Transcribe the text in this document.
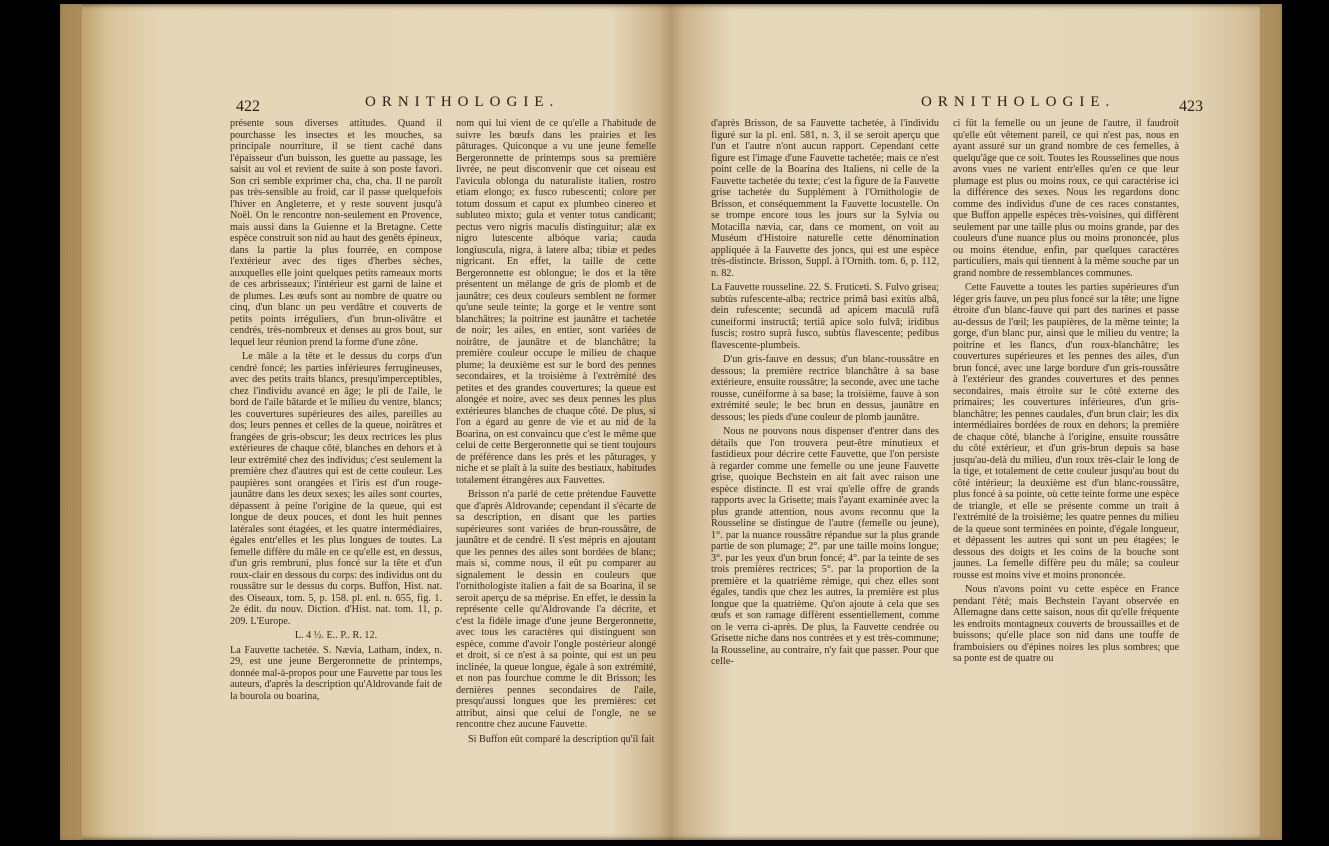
422	ORNITHOLOGIE.

présente sous diverses attitudes. Quand il pourchasse les insectes et les mouches, sa principale nourriture, il se tient caché dans l'épaisseur d'un buisson, les guette au passage, les saisit au vol et revient de suite à son poste favori. Son cri semble exprimer cha, cha, cha. Il ne paroît pas très-sensible au froid, car il passe quelquefois l'hiver en Angleterre, et y reste souvent jusqu'à Noël. On le rencontre non-seulement en Provence, mais aussi dans la Guienne et la Bretagne. Cette espèce construit son nid au haut des genêts épineux, dans la partie la plus fourrée, en compose l'extérieur avec des tiges d'herbes sèches, auxquelles elle joint quelques petits rameaux morts de ces arbrisseaux; l'intérieur est garni de laine et de plumes. Les œufs sont au nombre de quatre ou cinq, d'un blanc un peu verdâtre et couverts de petits points irréguliers, d'un brun-olivâtre et cendrés, très-nombreux et denses au gros bout, sur lequel leur réunion prend la forme d'une zône.

Le mâle a la tête et le dessus du corps d'un cendré foncé; les parties inférieures ferrugineuses, avec des petits traits blancs, presqu'imperceptibles, chez l'individu avancé en âge; le pli de l'aile, le bord de l'aile bâtarde et le milieu du ventre, blancs; les couvertures supérieures des ailes, pareilles au dos; leurs pennes et celles de la queue, noirâtres et frangées de gris-obscur; les deux rectrices les plus extérieures de chaque côté, blanches en dehors et à leur extrémité chez des individus; c'est seulement la première chez d'autres qui est de cette couleur. Les paupières sont orangées et l'iris est d'un rouge-jaunâtre dans les deux sexes; les ailes sont courtes, dépassent à peine l'origine de la queue, qui est longue de deux pouces, et dont les huit pennes latérales sont étagées, et les quatre intermédiaires, égales entr'elles et les plus longues de toutes. La femelle diffère du mâle en ce qu'elle est, en dessus, d'un gris rembruni, plus foncé sur la tête et d'un roux-clair en dessous du corps: des individus ont du roussâtre sur le dessus du corps. Buffon, Hist. nat. des Oiseaux, tom. 5, p. 158. pl. enl. n. 655, fig. 1. 2e édit. du nouv. Diction. d'Hist. nat. tom. 11, p. 209. L'Europe.

L. 4 ½. E.. P.. R. 12.

La Fauvette tachetée. S. Nævia, Latham, index, n. 29, est une jeune Bergeronnette de printemps, donnée mal-à-propos pour une Fauvette par tous les auteurs, d'après la description qu'Aldrovande fait de la bourola ou boarina,

nom qui lui vient de ce qu'elle a l'habitude de suivre les bœufs dans les prairies et les pâturages. Quiconque a vu une jeune femelle Bergeronnette de printemps sous sa première livrée, ne peut disconvenir que cet oiseau est l'avicula oblonga du naturaliste italien, rostro etiam elongo; ex fusco rubescenti; colore per totum dossum et caput ex plumbeo cinereo et subluteo mixto; gula et venter totus candicant; pectus vero nigris maculis distinguitur; alæ ex nigro lutescente albóque varia; cauda longiuscula, nigra, à latere alba; tibiæ et pedes nigricant. En effet, la taille de cette Bergeronnette est oblongue; le dos et la tête présentent un mélange de gris de plomb et de jaunâtre; ces deux couleurs semblent ne former qu'une seule teinte; la gorge et le ventre sont blanchâtres; la poitrine est jaunâtre et tachetée de noir; les ailes, en entier, sont variées de noirâtre, de jaunâtre et de blanchâtre; la première couleur occupe le milieu de chaque plume; la deuxième est sur le bord des pennes secondaires, et la troisième à l'extrémité des petites et des grandes couvertures; la queue est alongée et noire, avec ses deux pennes les plus extérieures blanches de chaque côté. De plus, si l'on a égard au genre de vie et au nid de la Boarina, on est convaincu que c'est le même que celui de cette Bergeronnette qui se tient toujours de préférence dans les prés et les pâturages, y niche et se plaît à la suite des bestiaux, habitudes totalement étrangères aux Fauvettes.

Brisson n'a parlé de cette prétendue Fauvette que d'après Aldrovande; cependant il s'écarte de sa description, en disant que les parties supérieures sont variées de brun-roussâtre, de jaunâtre et de cendré. Il s'est mépris en ajoutant que les pennes des ailes sont bordées de blanc; mais si, comme nous, il eût pu comparer au signalement le dessin en couleurs que l'ornithologiste italien a fait de sa Boarina, il se seroit aperçu de sa méprise. En effet, le dessin la représente celle qu'Aldrovande l'a décrite, et c'est la fidèle image d'une jeune Bergeronnette, avec tous les caractères qui distinguent son espèce, comme d'avoir l'ongle postérieur alongé et droit, si ce n'est à sa pointe, qui est un peu inclinée, la queue longue, égale à son extrémité, et non pas fourchue comme le dit Brisson; les dernières pennes secondaires de l'aile, presqu'aussi longues que les premières: cet attribut, ainsi que celui de l'ongle, ne se rencontre chez aucune Fauvette.

Si Buffon eût comparé la description qu'il fait

ORNITHOLOGIE.	423

d'après Brisson, de sa Fauvette tachetée, à l'individu figuré sur la pl. enl. 581, n. 3, il se seroit aperçu que l'un et l'autre n'ont aucun rapport. Cependant cette figure est l'image d'une Fauvette tachetée; mais ce n'est point celle de la Boarina des Italiens, ni celle de la Fauvette tachetée du texte; c'est la figure de la Fauvette grise tachetée du Supplément à l'Ornithologie de Brisson, et conséquemment la Fauvette locustelle. On se trompe encore tous les jours sur la Sylvia ou Motacilla nævia, car, dans ce moment, on voit au Muséum d'Histoire naturelle cette dénomination appliquée à la Fauvette des joncs, qui est une espèce très-distincte. Brisson, Suppl. à l'Ornith. tom. 6, p. 112, n. 82.

La Fauvette rousseline. 22. S. Fruticeti. S. Fulvo grisea; subtùs rufescente-alba; rectrice primâ basi exitùs albâ, dein rufescente; secundâ ad apicem maculâ rufâ cuneiformi instructâ; tertiâ apice solo fulvâ; iridibus fuscis; rostro suprà fusco, subtùs flavescente; pedibus flavescente-plumbeis.

D'un gris-fauve en dessus; d'un blanc-roussâtre en dessous; la première rectrice blanchâtre à sa base extérieure, ensuite roussâtre; la seconde, avec une tache rousse, cunéiforme à sa base; la troisième, fauve à son extrémité seule; le bec brun en dessus, jaunâtre en dessous; les pieds d'une couleur de plomb jaunâtre.

Nous ne pouvons nous dispenser d'entrer dans des détails que l'on trouvera peut-être minutieux et fastidieux pour décrire cette Fauvette, que l'on persiste à regarder comme une femelle ou une jeune Fauvette grise, quoique Bechstein en ait fait avec raison une espèce distincte. Il est vrai qu'elle offre de grands rapports avec la Grisette; mais l'ayant examinée avec la plus grande attention, nous avons reconnu que la Rousseline se distingue de l'autre (femelle ou jeune), 1°. par la nuance roussâtre répandue sur la plus grande partie de son plumage; 2°. par une taille moins longue; 3°. par les yeux d'un brun foncé; 4°. par la teinte de ses trois premières rectrices; 5°. par la proportion de la première et la quatrième rémige, qui chez elles sont égales, tandis que chez les autres, la première est plus longue que la quatrième. Qu'on ajoute à cela que ses œufs et son ramage diffèrent essentiellement, comme on le verra ci-après. De plus, la Fauvette cendrée ou Grisette niche dans nos contrées et y est très-commune; la Rousseline, au contraire, n'y fait que passer. Pour que celle-

ci fût la femelle ou un jeune de l'autre, il faudroit qu'elle eût vêtement pareil, ce qui n'est pas, nous en ayant assuré sur un grand nombre de ces femelles, à quelqu'âge que ce soit. Toutes les Rousselines que nous avons vues ne varient entr'elles qu'en ce que leur plumage est plus ou moins roux, ce qui caractérise ici la différence des sexes. Nous les regardons donc comme des individus d'une de ces races constantes, que Buffon appelle espèces très-voisines, qui diffèrent seulement par une taille plus ou moins grande, par des couleurs d'une nuance plus ou moins prononcée, plus ou moins étendue, enfin, par quelques caractères particuliers, mais qui tiennent à la même souche par un grand nombre de ressemblances communes.

Cette Fauvette a toutes les parties supérieures d'un léger gris fauve, un peu plus foncé sur la tête; une ligne étroite d'un blanc-fauve qui part des narines et passe au-dessus de l'œil; les paupières, de la même teinte; la gorge, d'un blanc pur, ainsi que le milieu du ventre; la poitrine et les flancs, d'un roux-blanchâtre; les couvertures supérieures et les pennes des ailes, d'un brun foncé, avec une large bordure d'un gris-roussâtre à l'extérieur des grandes couvertures et des pennes secondaires, mais étroite sur le côté externe des primaires; les couvertures inférieures, d'un gris-blanchâtre; les pennes caudales, d'un brun clair; les dix intermédiaires bordées de roux en dehors; la première de chaque côté, blanche à l'origine, ensuite roussâtre du côté extérieur, et d'un gris-brun depuis sa base jusqu'au-delà du milieu, d'un roux très-clair le long de la tige, et totalement de cette couleur jusqu'au bout du côté intérieur; la deuxième est d'un blanc-roussâtre, plus foncé à sa pointe, où cette teinte forme une espèce de triangle, et elle se présente comme un trait à l'extrémité de la troisième; les quatre pennes du milieu de la queue sont terminées en pointe, d'égale longueur, et dépassent les autres qui sont un peu étagées; le dessous des doigts et les coins de la bouche sont jaunes. La femelle diffère peu du mâle; sa couleur rousse est moins vive et moins prononcée.

Nous n'avons point vu cette espèce en France pendant l'été; mais Bechstein l'ayant observée en Allemagne dans cette saison, nous dit qu'elle fréquente les endroits montagneux couverts de broussailles et de buissons; qu'elle place son nid dans une touffe de framboisiers ou d'épines noires les plus sombres; que sa ponte est de quatre ou
